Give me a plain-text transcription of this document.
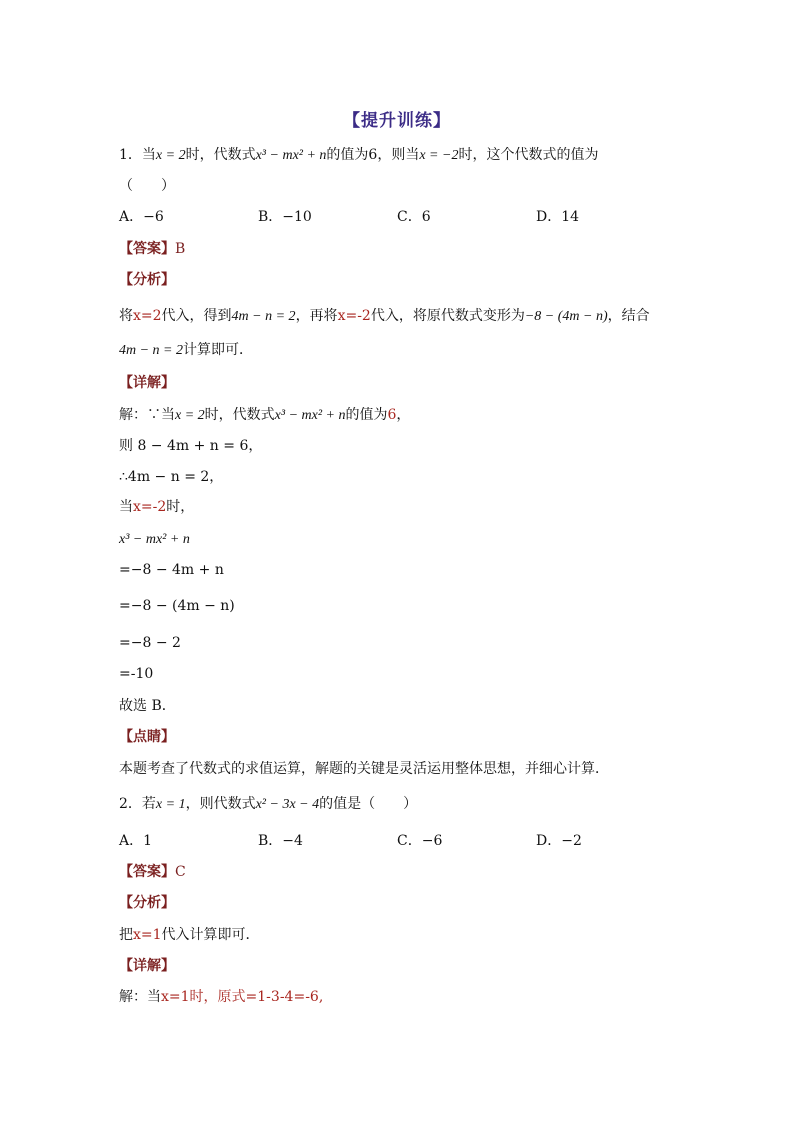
【提升训练】
1．当x = 2时，代数式x³ − mx² + n的值为6，则当x = −2时，这个代数式的值为
（　　）
A．−6	B．−10	C．6	D．14
【答案】B
【分析】
将x=2代入，得到4m − n = 2，再将x=-2代入，将原代数式变形为−8 − (4m − n)，结合
4m − n = 2计算即可．
【详解】
解：∵当x = 2时，代数式x³ − mx² + n的值为6，
则 8 − 4m + n = 6，
∴4m − n = 2，
当x=-2时，
x³ − mx² + n
=−8 − 4m + n
=−8 − (4m − n)
=−8 − 2
=-10
故选 B．
【点睛】
本题考查了代数式的求值运算，解题的关键是灵活运用整体思想，并细心计算．
2．若x = 1，则代数式x² − 3x − 4的值是（　　）
A．1	B．−4	C．−6	D．−2
【答案】C
【分析】
把x=1代入计算即可．
【详解】
解：当x=1时，原式=1-3-4=-6,
